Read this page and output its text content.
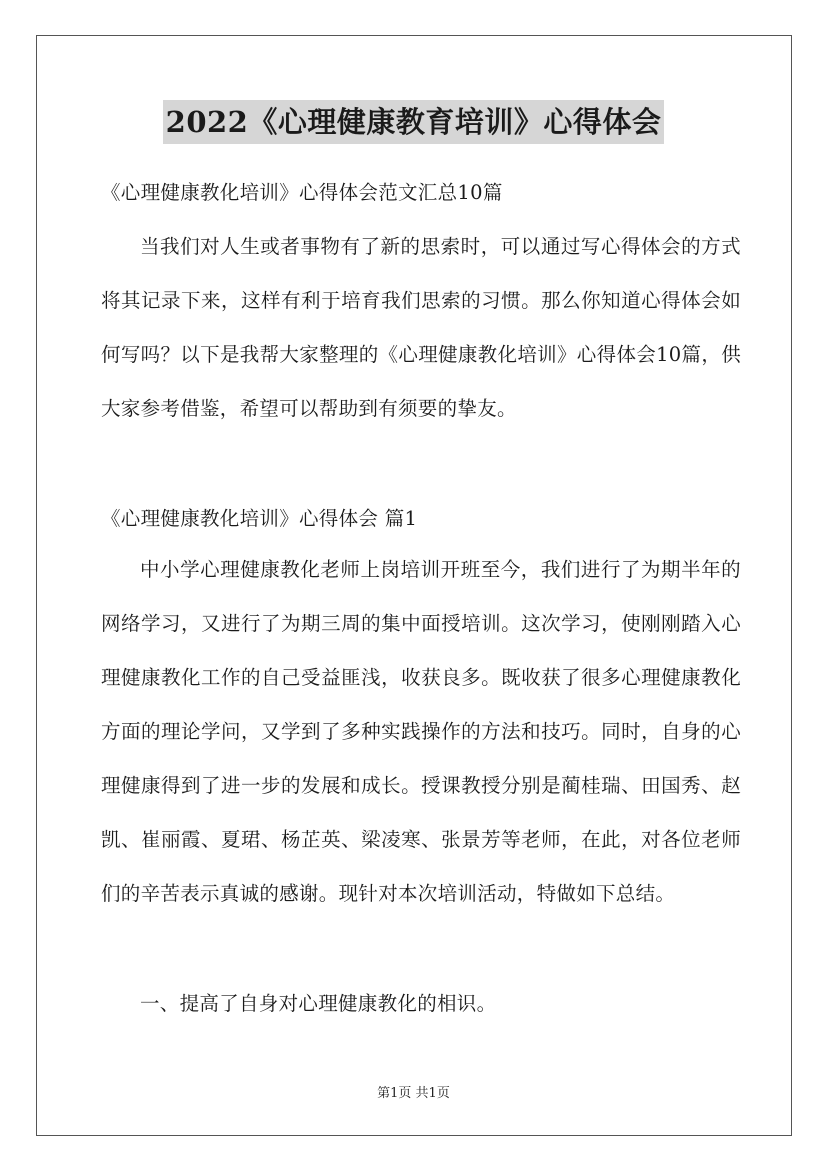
2022《心理健康教育培训》心得体会
《心理健康教化培训》心得体会范文汇总10篇

当我们对人生或者事物有了新的思索时，可以通过写心得体会的方式将其记录下来，这样有利于培育我们思索的习惯。那么你知道心得体会如何写吗？以下是我帮大家整理的《心理健康教化培训》心得体会10篇，供大家参考借鉴，希望可以帮助到有须要的挚友。

《心理健康教化培训》心得体会 篇1

中小学心理健康教化老师上岗培训开班至今，我们进行了为期半年的网络学习，又进行了为期三周的集中面授培训。这次学习，使刚刚踏入心理健康教化工作的自己受益匪浅，收获良多。既收获了很多心理健康教化方面的理论学问，又学到了多种实践操作的方法和技巧。同时，自身的心理健康得到了进一步的发展和成长。授课教授分别是蔺桂瑞、田国秀、赵凯、崔丽霞、夏珺、杨芷英、梁凌寒、张景芳等老师，在此，对各位老师们的辛苦表示真诚的感谢。现针对本次培训活动，特做如下总结。

一、提高了自身对心理健康教化的相识。

第1页 共1页
